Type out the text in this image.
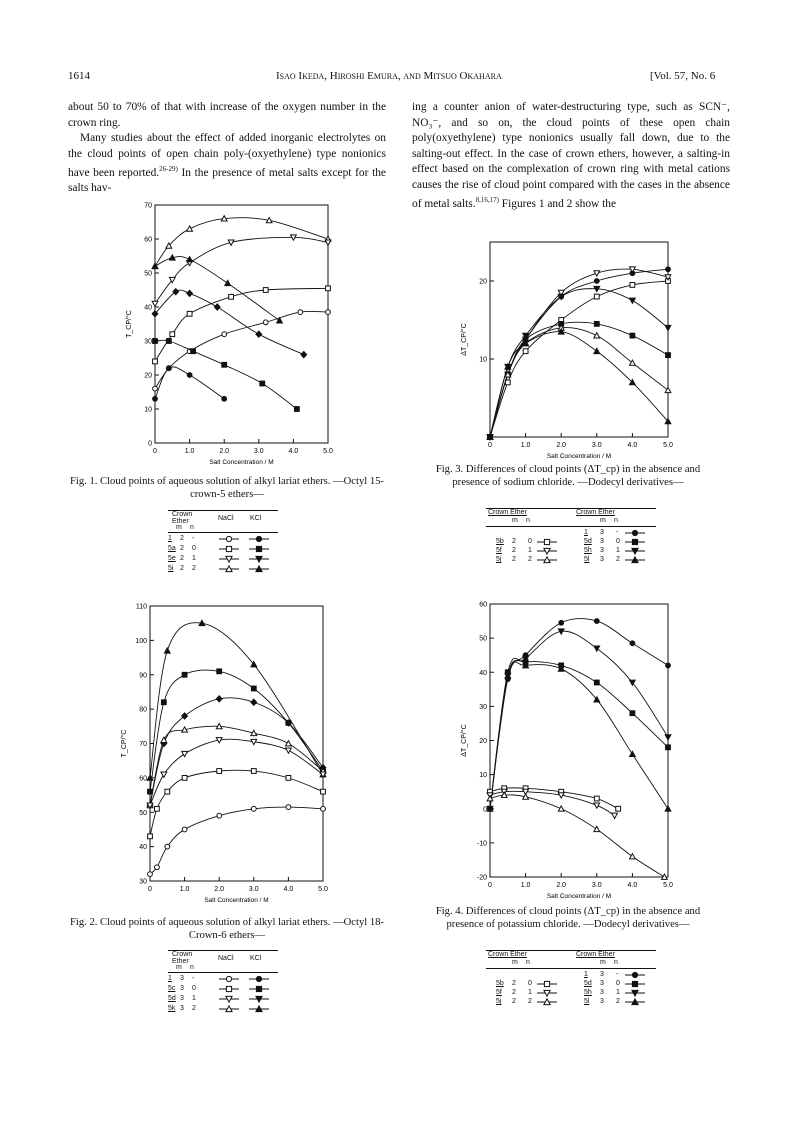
1614	Isao Ikeda, Hiroshi Emura, and Mitsuo Okahara	[Vol. 57, No. 6

about 50 to 70% of that with increase of the oxygen number in the crown ring.

Many studies about the effect of added inorganic electrolytes on the cloud points of open chain poly-(oxyethylene) type nonionics have been reported.$^{26-29)}$ In the presence of metal salts except for the salts hav-

ing a counter anion of water-destructuring type, such as SCN⁻, NO₃⁻, and so on, the cloud points of these open chain poly(oxyethylene) type nonionics usually fall down, due to the salting-out effect. In the case of crown ethers, however, a salting-in effect based on the complexation of crown ring with metal cations causes the rise of cloud point compared with the cases in the absence of metal salts.$^{8,16,17)}$ Figures 1 and 2 show the

0	1.0	2.0	3.0	4.0	5.0
0
10
20
30
40
50
60
70
Salt Concentration / M
T_CP/°C
0	1.0	2.0	3.0	4.0	5.0
30
40
50
60
70
80
90
100
110
Salt Concentration / M
T_CP/°C
0	1.0	2.0	3.0	4.0	5.0
10
20
Salt Concentration / M
ΔT_CP/°C
0	1.0	2.0	3.0	4.0	5.0
-20
-10
0
10
20
30
40
50
60
Salt Concentration / M
ΔT_CP/°C
Fig. 1. Cloud points of aqueous solution of alkyl lariat ethers. —Octyl 15-crown-5 ethers—
Fig. 2. Cloud points of aqueous solution of alkyl lariat ethers. —Octyl 18-Crown-6 ethers—
Fig. 3. Differences of cloud points (ΔT_cp) in the absence and presence of sodium chloride. —Dodecyl derivatives—
Fig. 4. Differences of cloud points (ΔT_cp) in the absence and presence of potassium chloride. —Dodecyl derivatives—
Crown Ether
m n
NaCl KCl
1 2 -
5a 2 0
5e 2 1
5i 2 2
Crown Ether
m n
NaCl KCl
1 3 -
5c 3 0
5d 3 1
5k 3 2
Crown Ether
m n
5b 2 0
5f 2 1
5j 2 2
Crown Ether
m n
1 3 -
5d 3 0
5h 3 1
5l 3 2
Crown Ether
m n
5b 2 0
5f 2 1
5j 2 2
Crown Ether
m n
1 3 -
5d 3 0
5h 3 1
5l 3 2
